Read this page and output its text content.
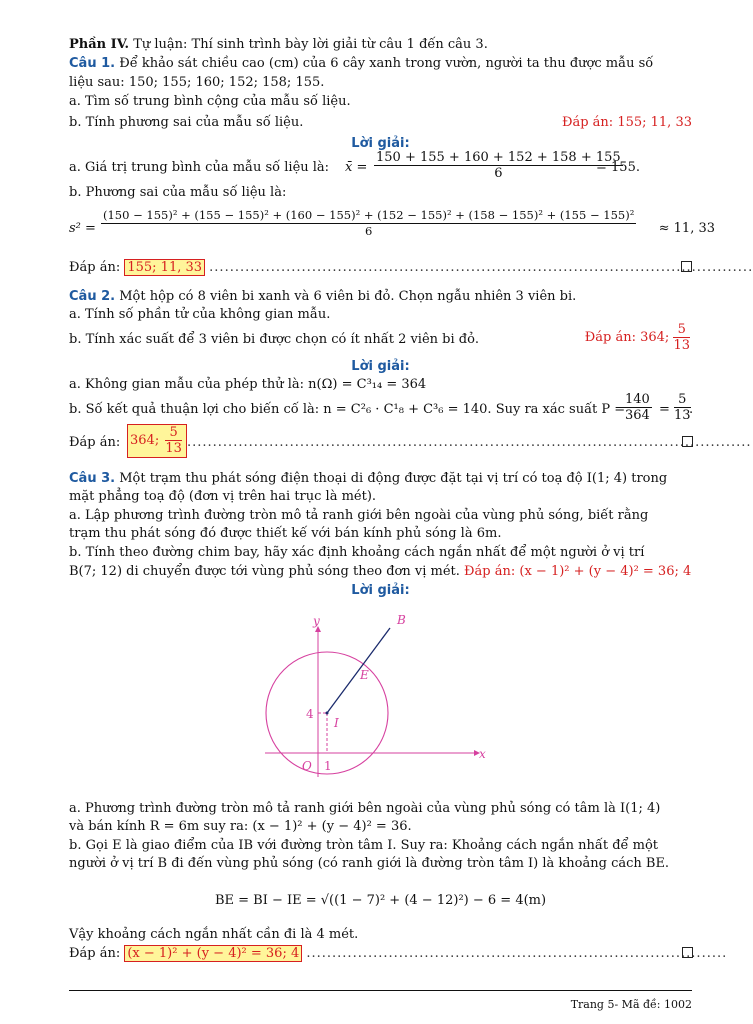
Phần IV. Tự luận: Thí sinh trình bày lời giải từ câu 1 đến câu 3.
Câu 1. Để khảo sát chiều cao (cm) của 6 cây xanh trong vườn, người ta thu được mẫu số
liệu sau: 150; 155; 160; 152; 158; 155.
a. Tìm số trung bình cộng của mẫu số liệu.
b. Tính phương sai của mẫu số liệu.	Đáp án: 155; 11, 33
Lời giải:
a. Giá trị trung bình của mẫu số liệu là: x̄ = $\frac{150 + 155 + 160 + 152 + 158 + 155}{6}$
= 155.
b. Phương sai của mẫu số liệu là:
s² =
(150 − 155)² + (155 − 155)² + (160 − 155)² + (152 − 155)² + (158 − 155)² + (155 − 155)²
6	≈ 11, 33
Đáp án: 155; 11, 33 ..........................................................................................................
Câu 2. Một hộp có 8 viên bi xanh và 6 viên bi đỏ. Chọn ngẫu nhiên 3 viên bi.
a. Tính số phần tử của không gian mẫu.
b. Tính xác suất để 3 viên bi được chọn có ít nhất 2 viên bi đỏ.	Đáp án: 364; $\frac{5}{13}$
Lời giải:
a. Không gian mẫu của phép thử là: n(Ω) = C³₁₄ = 364
b. Số kết quả thuận lợi cho biến cố là: n = C²₆ · C¹₈ + C³₆ = 140. Suy ra xác suất P =
$\frac{140}{364} = \frac{5}{13}$
.
Đáp án: 364; $\frac{5}{13}$ ..............................................................................................................
Câu 3. Một trạm thu phát sóng điện thoại di động được đặt tại vị trí có toạ độ I(1; 4) trong
mặt phẳng toạ độ (đơn vị trên hai trục là mét).
a. Lập phương trình đường tròn mô tả ranh giới bên ngoài của vùng phủ sóng, biết rằng
trạm thu phát sóng đó được thiết kế với bán kính phủ sóng là 6m.
b. Tính theo đường chim bay, hãy xác định khoảng cách ngắn nhất để một người ở vị trí
B(7; 12) di chuyển được tới vùng phủ sóng theo đơn vị mét. Đáp án: (x − 1)² + (y − 4)² = 36; 4
Lời giải:
y
x
B
E
I
O
4
1
a. Phương trình đường tròn mô tả ranh giới bên ngoài của vùng phủ sóng có tâm là I(1; 4)
và bán kính R = 6m suy ra: (x − 1)² + (y − 4)² = 36.
b. Gọi E là giao điểm của IB với đường tròn tâm I. Suy ra: Khoảng cách ngắn nhất để một
người ở vị trí B đi đến vùng phủ sóng (có ranh giới là đường tròn tâm I) là khoảng cách BE.
BE = BI − IE = √((1 − 7)² + (4 − 12)²) − 6 = 4(m)
Vậy khoảng cách ngắn nhất cần đi là 4 mét.
Đáp án: (x − 1)² + (y − 4)² = 36; 4 ..................................................................................
Trang 5- Mã đề: 1002
